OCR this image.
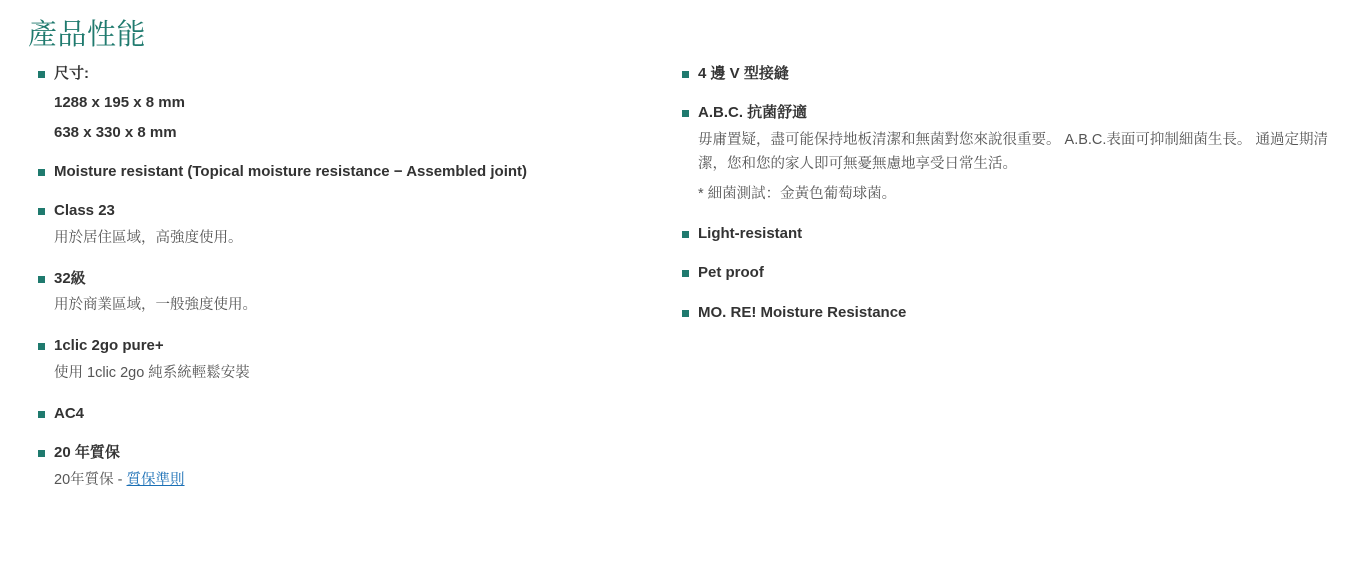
產品性能

尺寸:

1288 x 195 x 8 mm

638 x 330 x 8 mm

Moisture resistant (Topical moisture resistance − Assembled joint)

Class 23

用於居住區域，高強度使用。

32級

用於商業區域，一般強度使用。

1clic 2go pure+

使用 1clic 2go 純系統輕鬆安裝

AC4

20 年質保

20年質保 - 質保準則

4 邊 V 型接縫

A.B.C. 抗菌舒適

毋庸置疑，盡可能保持地板清潔和無菌對您來說很重要。 A.B.C.表面可抑制細菌生長。 通過定期清潔，您和您的家人即可無憂無慮地享受日常生活。

* 細菌測試：金黃色葡萄球菌。

Light-resistant

Pet proof

MO. RE! Moisture Resistance
